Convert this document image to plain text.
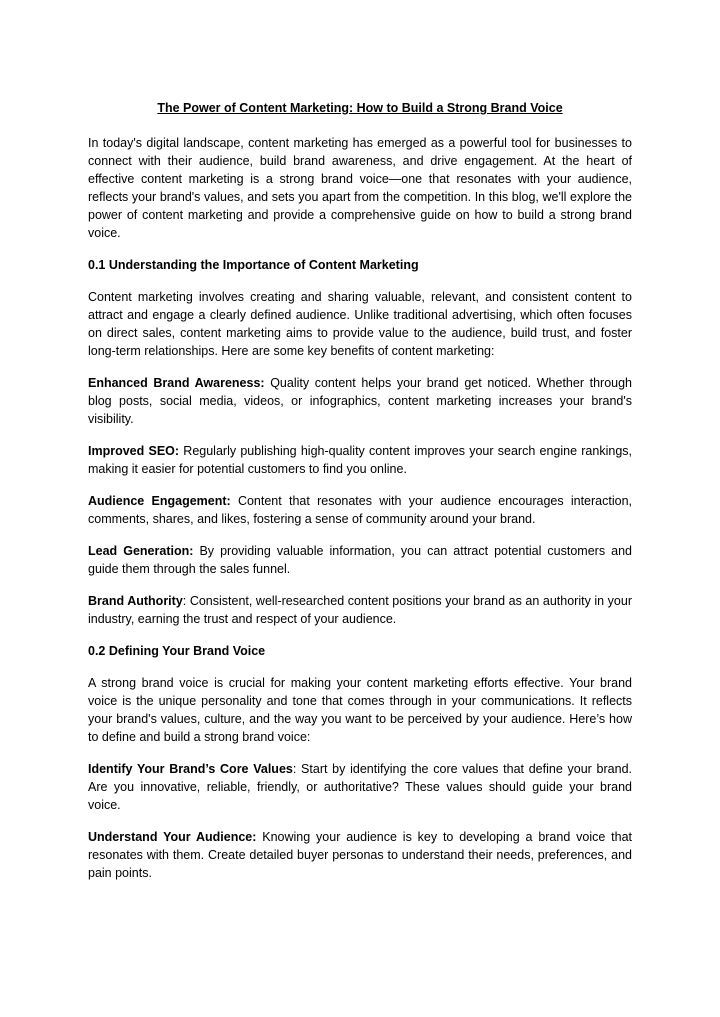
The Power of Content Marketing: How to Build a Strong Brand Voice

In today's digital landscape, content marketing has emerged as a powerful tool for businesses to connect with their audience, build brand awareness, and drive engagement. At the heart of effective content marketing is a strong brand voice—one that resonates with your audience, reflects your brand's values, and sets you apart from the competition. In this blog, we'll explore the power of content marketing and provide a comprehensive guide on how to build a strong brand voice.

0.1 Understanding the Importance of Content Marketing

Content marketing involves creating and sharing valuable, relevant, and consistent content to attract and engage a clearly defined audience. Unlike traditional advertising, which often focuses on direct sales, content marketing aims to provide value to the audience, build trust, and foster long-term relationships. Here are some key benefits of content marketing:

Enhanced Brand Awareness: Quality content helps your brand get noticed. Whether through blog posts, social media, videos, or infographics, content marketing increases your brand's visibility.

Improved SEO: Regularly publishing high-quality content improves your search engine rankings, making it easier for potential customers to find you online.

Audience Engagement: Content that resonates with your audience encourages interaction, comments, shares, and likes, fostering a sense of community around your brand.

Lead Generation: By providing valuable information, you can attract potential customers and guide them through the sales funnel.

Brand Authority: Consistent, well-researched content positions your brand as an authority in your industry, earning the trust and respect of your audience.

0.2 Defining Your Brand Voice

A strong brand voice is crucial for making your content marketing efforts effective. Your brand voice is the unique personality and tone that comes through in your communications. It reflects your brand's values, culture, and the way you want to be perceived by your audience. Here’s how to define and build a strong brand voice:

Identify Your Brand’s Core Values: Start by identifying the core values that define your brand. Are you innovative, reliable, friendly, or authoritative? These values should guide your brand voice.

Understand Your Audience: Knowing your audience is key to developing a brand voice that resonates with them. Create detailed buyer personas to understand their needs, preferences, and pain points.
